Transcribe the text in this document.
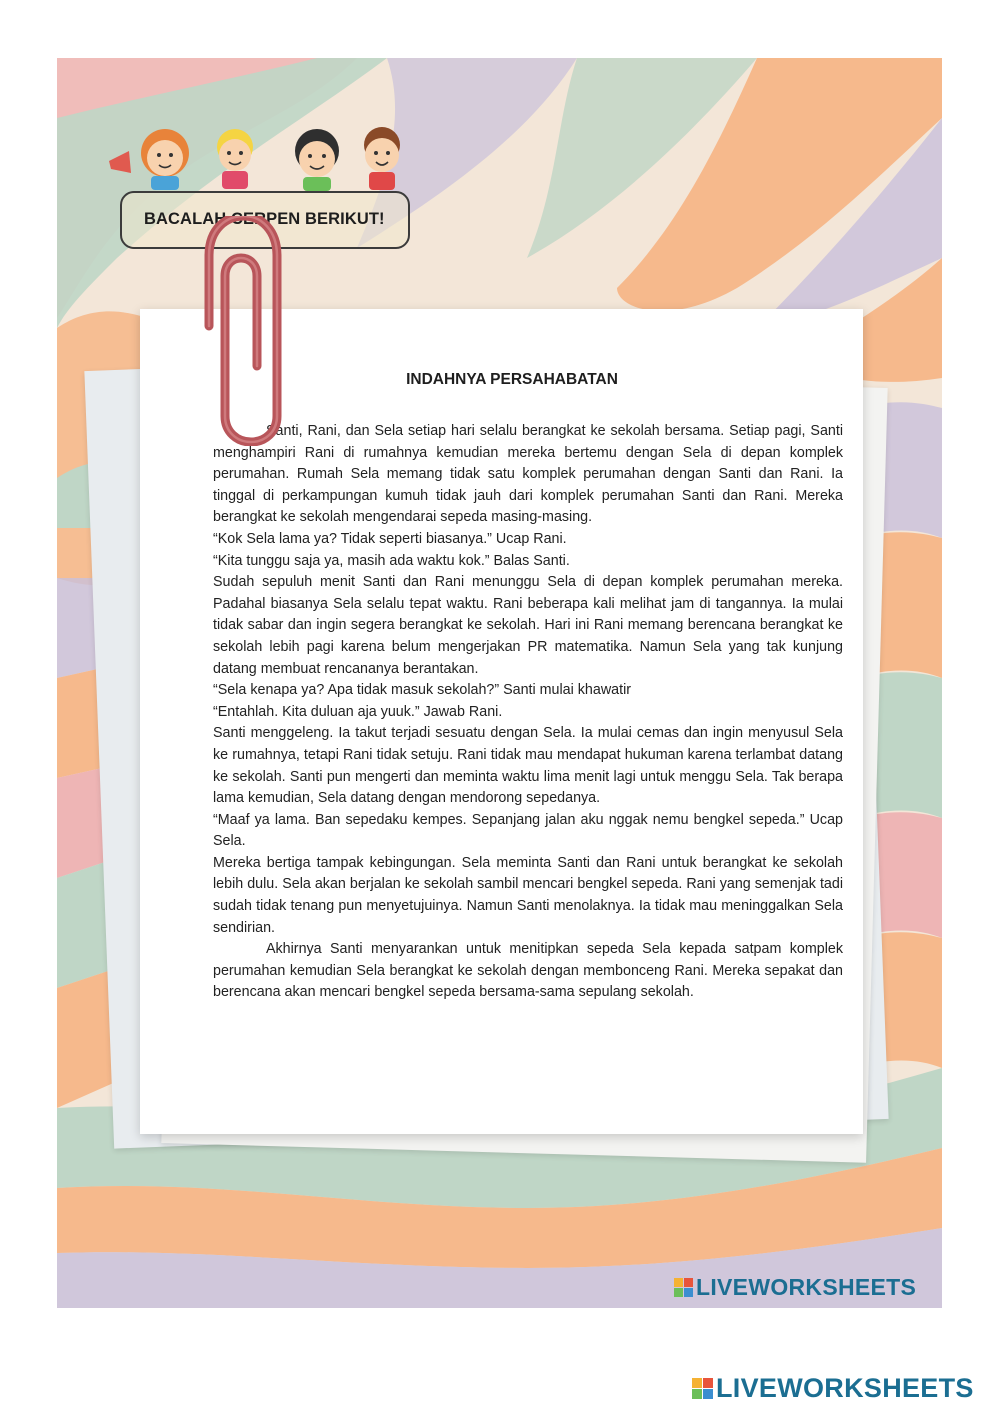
BACALAH CERPEN BERIKUT!
INDAHNYA PERSAHABATAN

Santi, Rani, dan Sela setiap hari selalu berangkat ke sekolah bersama. Setiap pagi, Santi menghampiri Rani di rumahnya kemudian mereka bertemu dengan Sela di depan komplek perumahan. Rumah Sela memang tidak satu komplek perumahan dengan Santi dan Rani. Ia tinggal di perkampungan kumuh tidak jauh dari komplek perumahan Santi dan Rani. Mereka berangkat ke sekolah mengendarai sepeda masing-masing.

“Kok Sela lama ya? Tidak seperti biasanya.” Ucap Rani.

“Kita tunggu saja ya, masih ada waktu kok.” Balas Santi.

Sudah sepuluh menit Santi dan Rani menunggu Sela di depan komplek perumahan mereka. Padahal biasanya Sela selalu tepat waktu. Rani beberapa kali melihat jam di tangannya. Ia mulai tidak sabar dan ingin segera berangkat ke sekolah. Hari ini Rani memang berencana berangkat ke sekolah lebih pagi karena belum mengerjakan PR matematika. Namun Sela yang tak kunjung datang membuat rencananya berantakan.

“Sela kenapa ya? Apa tidak masuk sekolah?” Santi mulai khawatir

“Entahlah. Kita duluan aja yuuk.” Jawab Rani.

Santi menggeleng. Ia takut terjadi sesuatu dengan Sela. Ia mulai cemas dan ingin menyusul Sela ke rumahnya, tetapi Rani tidak setuju. Rani tidak mau mendapat hukuman karena terlambat datang ke sekolah. Santi pun mengerti dan meminta waktu lima menit lagi untuk menggu Sela. Tak berapa lama kemudian, Sela datang dengan mendorong sepedanya.

“Maaf ya lama. Ban sepedaku kempes. Sepanjang jalan aku nggak nemu bengkel sepeda.” Ucap Sela.

Mereka bertiga tampak kebingungan. Sela meminta Santi dan Rani untuk berangkat ke sekolah lebih dulu. Sela akan berjalan ke sekolah sambil mencari bengkel sepeda. Rani yang semenjak tadi sudah tidak tenang pun menyetujuinya. Namun Santi menolaknya. Ia tidak mau meninggalkan Sela sendirian.

Akhirnya Santi menyarankan untuk menitipkan sepeda Sela kepada satpam komplek perumahan kemudian Sela berangkat ke sekolah dengan membonceng Rani. Mereka sepakat dan berencana akan mencari bengkel sepeda bersama-sama sepulang sekolah.

LIVEWORKSHEETS
LIVEWORKSHEETS
